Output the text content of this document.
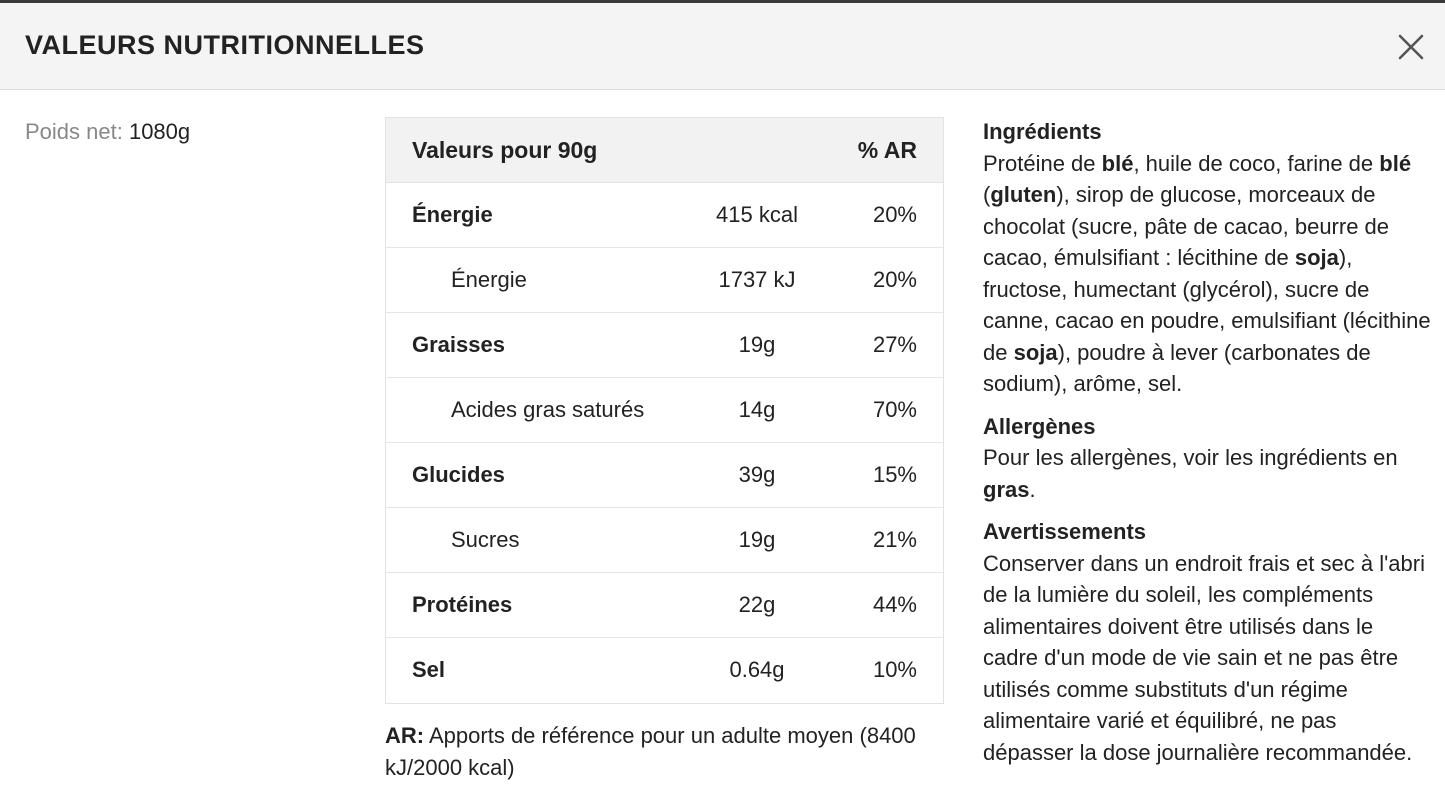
VALEURS NUTRITIONNELLES
Poids net: 1080g
Valeurs pour 90g	% AR
Énergie	415 kcal	20%
Énergie	1737 kJ	20%
Graisses	19g	27%
Acides gras saturés	14g	70%
Glucides	39g	15%
Sucres	19g	21%
Protéines	22g	44%
Sel	0.64g	10%
AR: Apports de référence pour un adulte moyen (8400 kJ/2000 kcal)
Ingrédients
Protéine de blé, huile de coco, farine de blé (gluten), sirop de glucose, morceaux de chocolat (sucre, pâte de cacao, beurre de cacao, émulsifiant : lécithine de soja), fructose, humectant (glycérol), sucre de canne, cacao en poudre, emulsifiant (lécithine de soja), poudre à lever (carbonates de sodium), arôme, sel.
Allergènes
Pour les allergènes, voir les ingrédients en gras.
Avertissements
Conserver dans un endroit frais et sec à l'abri de la lumière du soleil, les compléments alimentaires doivent être utilisés dans le cadre d'un mode de vie sain et ne pas être utilisés comme substituts d'un régime alimentaire varié et équilibré, ne pas dépasser la dose journalière recommandée.
